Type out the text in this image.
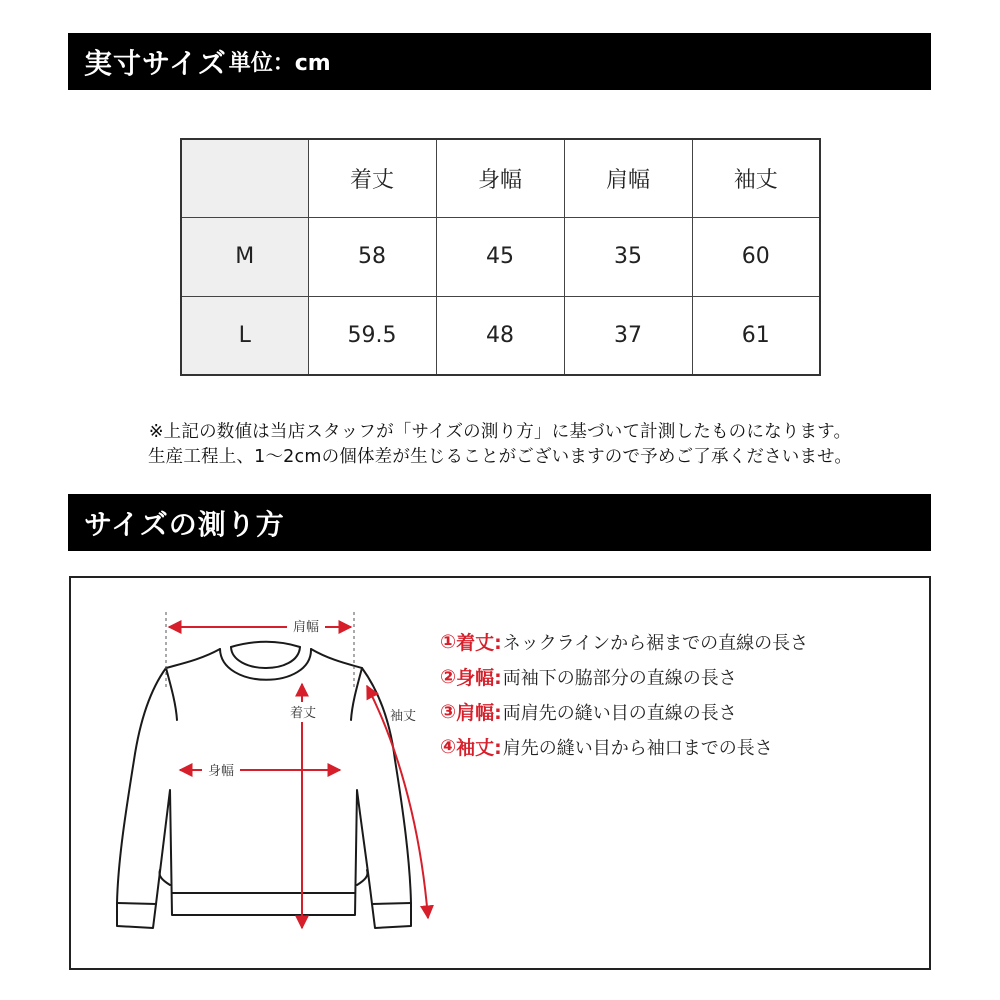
実寸サイズ 単位：cm
	着丈	身幅	肩幅	袖丈
M	58	45	35	60
L	59.5	48	37	61
※上記の数値は当店スタッフが「サイズの測り方」に基づいて計測したものになります。
生産工程上、1〜2cmの個体差が生じることがございますので予めご了承くださいませ。
サイズの測り方
肩幅
着丈
身幅
袖丈
① 着丈: ネックラインから裾までの直線の長さ
② 身幅: 両袖下の脇部分の直線の長さ
③ 肩幅: 両肩先の縫い目の直線の長さ
④ 袖丈: 肩先の縫い目から袖口までの長さ
